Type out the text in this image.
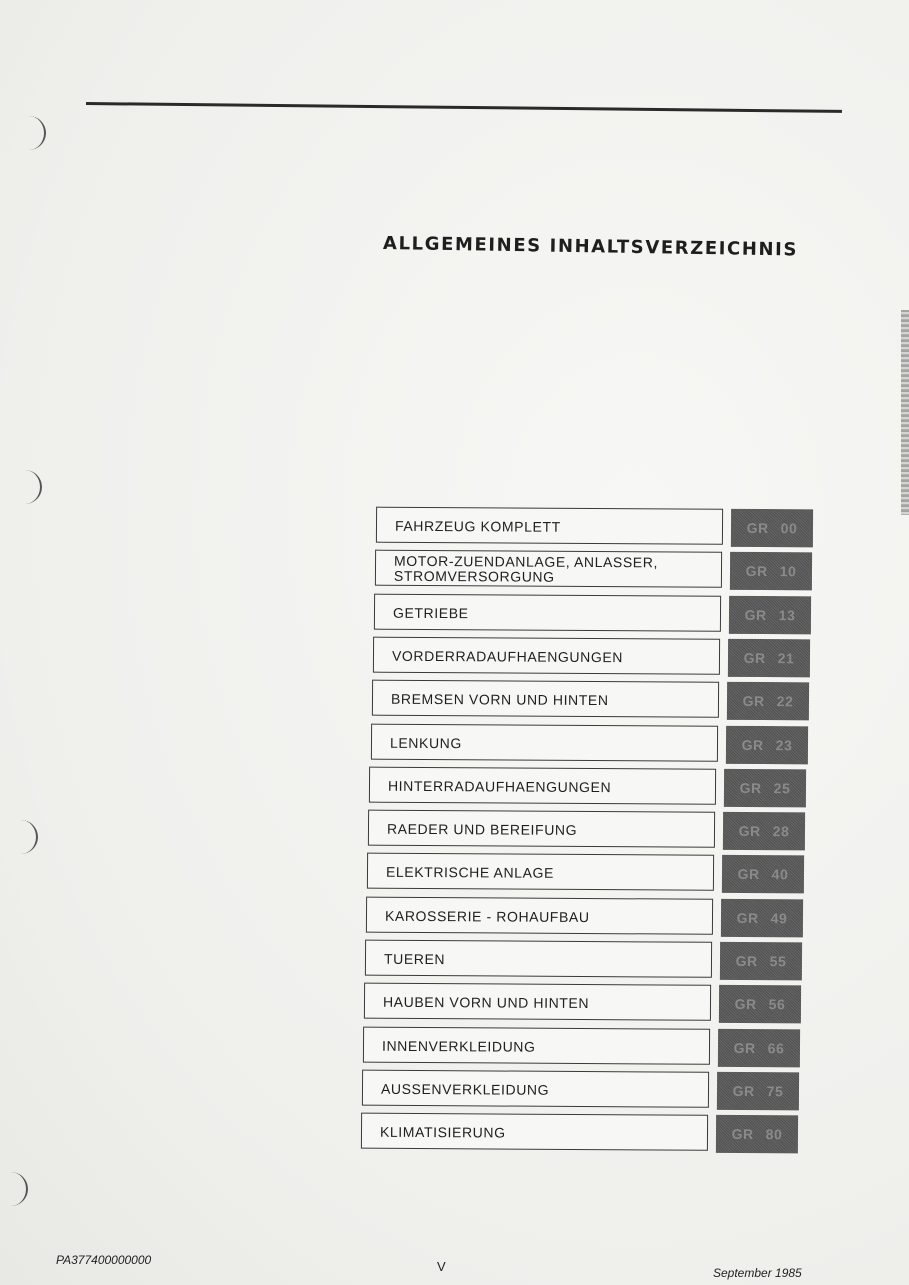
ALLGEMEINES INHALTSVERZEICHNIS
FAHRZEUG KOMPLETT	GR 00
MOTOR-ZUENDANLAGE, ANLASSER,
STROMVERSORGUNG	GR 10
GETRIEBE	GR 13
VORDERRADAUFHAENGUNGEN	GR 21
BREMSEN VORN UND HINTEN	GR 22
LENKUNG	GR 23
HINTERRADAUFHAENGUNGEN	GR 25
RAEDER UND BEREIFUNG	GR 28
ELEKTRISCHE ANLAGE	GR 40
KAROSSERIE - ROHAUFBAU	GR 49
TUEREN	GR 55
HAUBEN VORN UND HINTEN	GR 56
INNENVERKLEIDUNG	GR 66
AUSSENVERKLEIDUNG	GR 75
KLIMATISIERUNG	GR 80
PA377400000000	V	September 1985
